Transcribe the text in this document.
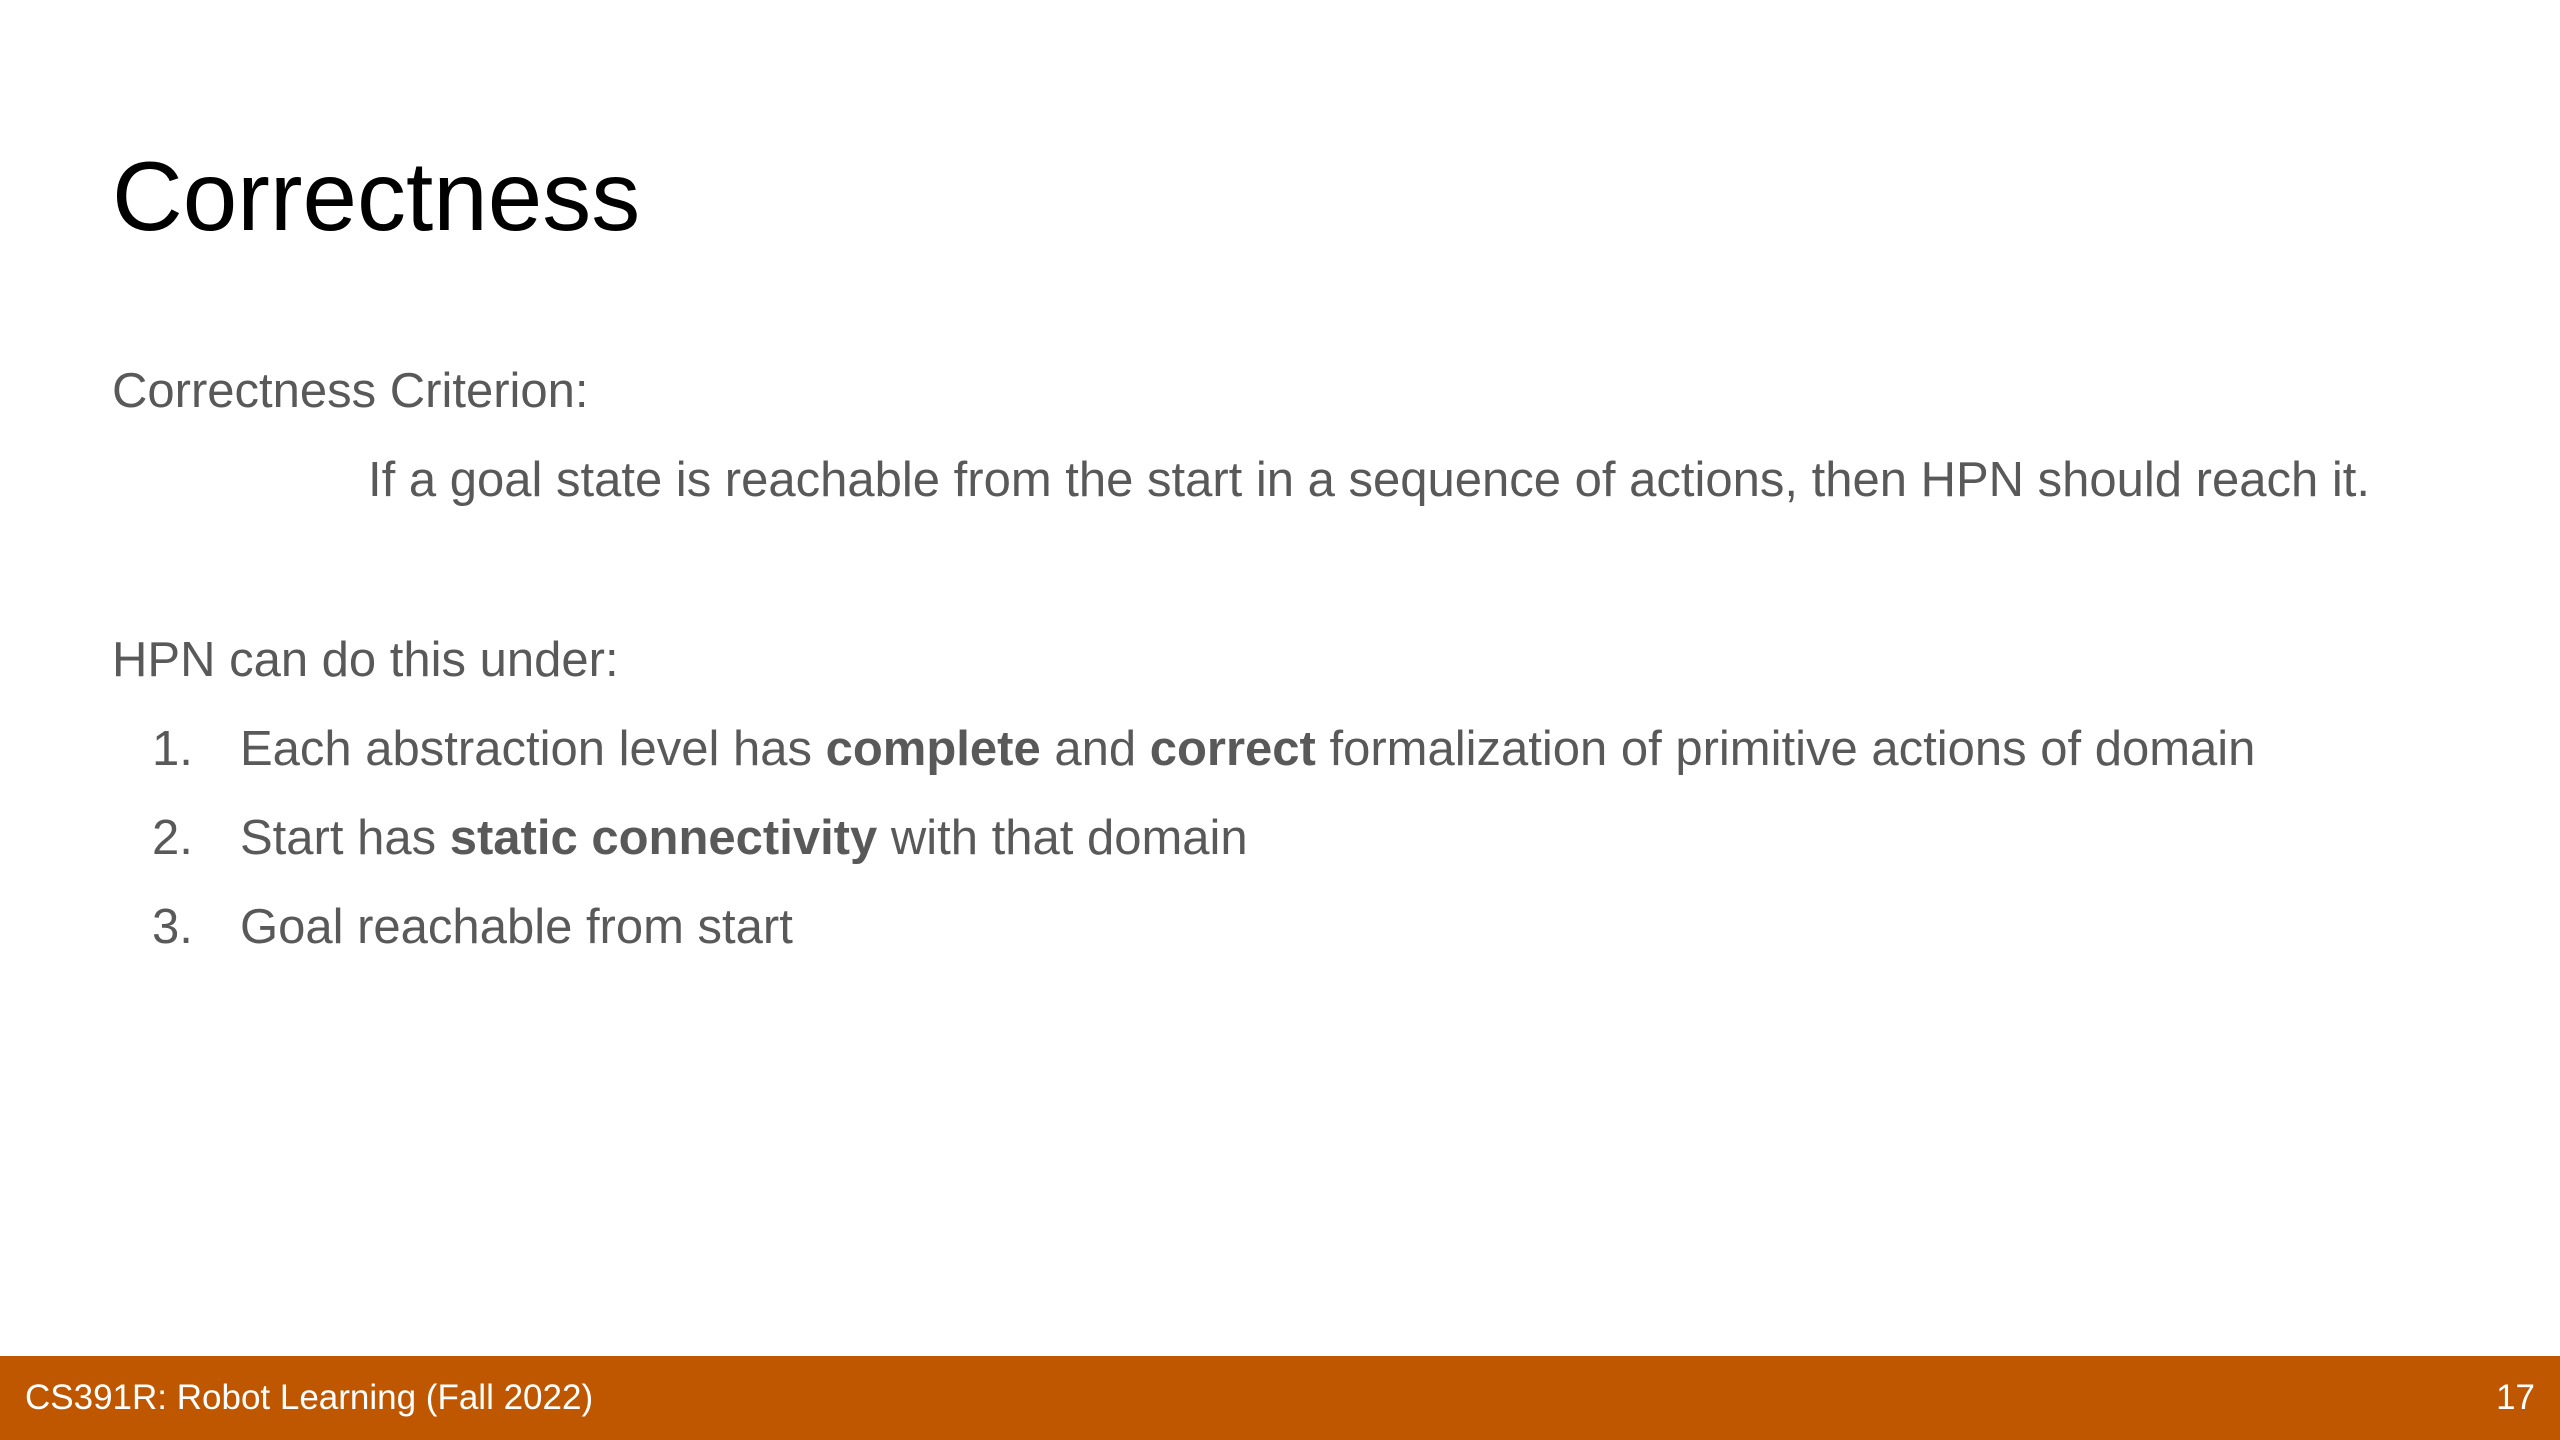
Correctness

Correctness Criterion:

If a goal state is reachable from the start in a sequence of actions, then HPN should reach it.

HPN can do this under:

1. Each abstraction level has complete and correct formalization of primitive actions of domain
2. Start has static connectivity with that domain
3. Goal reachable from start
CS391R: Robot Learning (Fall 2022)	17
